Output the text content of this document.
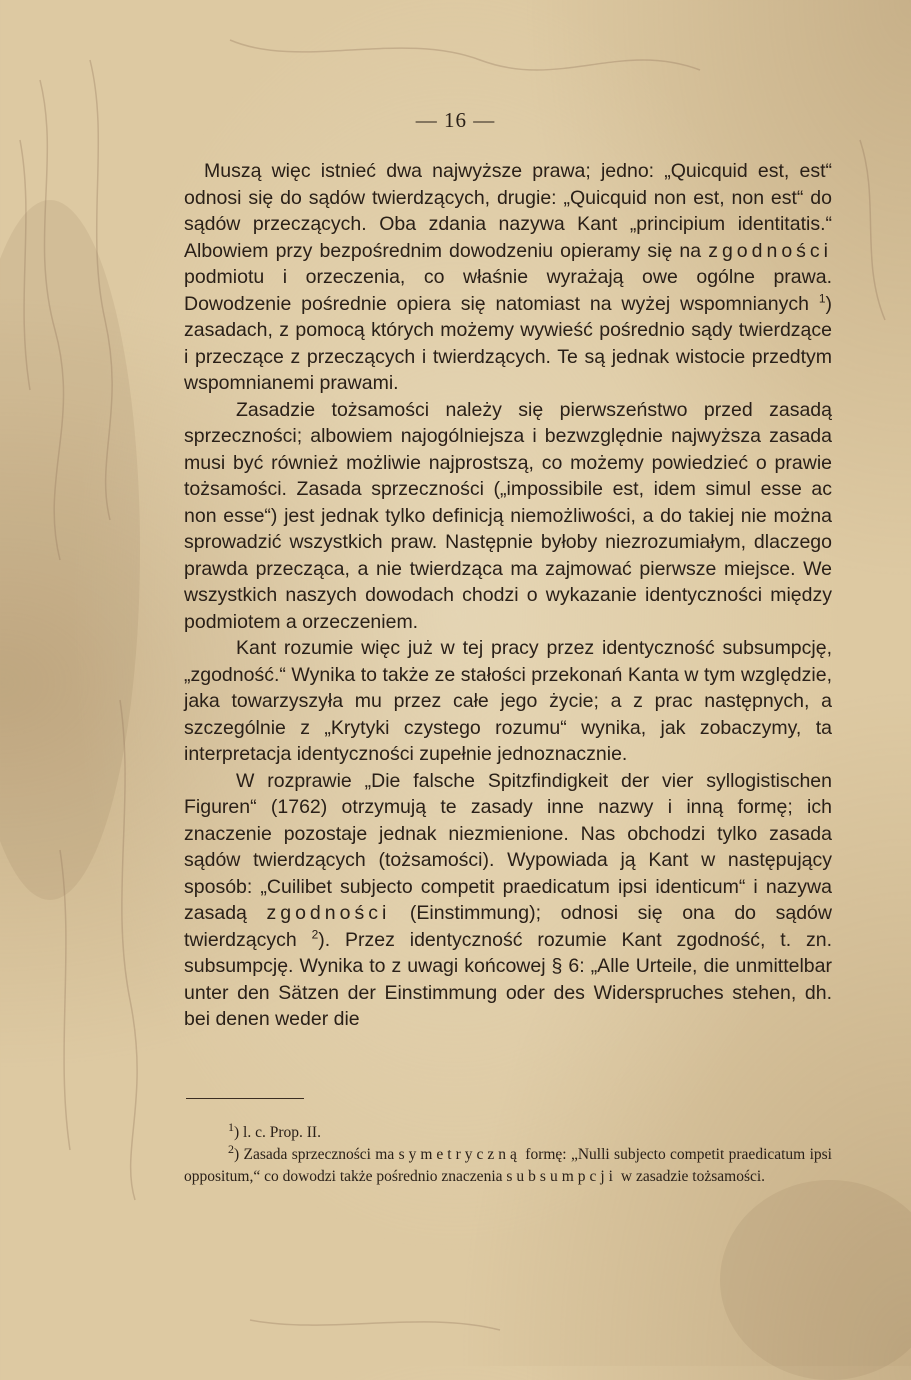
— 16 —

Muszą więc istnieć dwa najwyższe prawa; jedno: „Quicquid est, est“ odnosi się do sądów twierdzących, drugie: „Quicquid non est, non est“ do sądów przeczących. Oba zdania nazywa Kant „principium identitatis.“ Albowiem przy bezpośrednim dowodzeniu opieramy się na zgodności podmiotu i orzeczenia, co właśnie wyrażają owe ogólne prawa. Dowodzenie pośrednie opiera się natomiast na wyżej wspomnianych $^1$) zasadach, z pomocą których możemy wywieść pośrednio sądy twierdzące i przeczące z przeczących i twierdzących. Te są jednak wistocie przedtym wspomnianemi prawami.

Zasadzie tożsamości należy się pierwszeństwo przed zasadą sprzeczności; albowiem najogólniejsza i bezwzględnie najwyższa zasada musi być również możliwie najprostszą, co możemy powiedzieć o prawie tożsamości. Zasada sprzeczności („impossibile est, idem simul esse ac non esse“) jest jednak tylko definicją niemożliwości, a do takiej nie można sprowadzić wszystkich praw. Następnie byłoby niezrozumiałym, dlaczego prawda przecząca, a nie twierdząca ma zajmować pierwsze miejsce. We wszystkich naszych dowodach chodzi o wykazanie identyczności między podmiotem a orzeczeniem.

Kant rozumie więc już w tej pracy przez identyczność subsumpcję, „zgodność.“ Wynika to także ze stałości przekonań Kanta w tym względzie, jaka towarzyszyła mu przez całe jego życie; a z prac następnych, a szczególnie z „Krytyki czystego rozumu“ wynika, jak zobaczymy, ta interpretacja identyczności zupełnie jednoznacznie.

W rozprawie „Die falsche Spitzfindigkeit der vier syllogistischen Figuren“ (1762) otrzymują te zasady inne nazwy i inną formę; ich znaczenie pozostaje jednak niezmienione. Nas obchodzi tylko zasada sądów twierdzących (tożsamości). Wypowiada ją Kant w następujący sposób: „Cuilibet subjecto competit praedicatum ipsi identicum“ i nazywa zasadą zgodności (Einstimmung); odnosi się ona do sądów twierdzących $^2$). Przez identyczność rozumie Kant zgodność, t. zn. subsumpcję. Wynika to z uwagi końcowej § 6: „Alle Urteile, die unmittelbar unter den Sätzen der Einstimmung oder des Widerspruches stehen, dh. bei denen weder die

$^1$) l. c. Prop. II.

$^2$) Zasada sprzeczności ma symetryczną formę: „Nulli subjecto competit praedicatum ipsi oppositum,“ co dowodzi także pośrednio znaczenia subsumpcji w zasadzie tożsamości.
